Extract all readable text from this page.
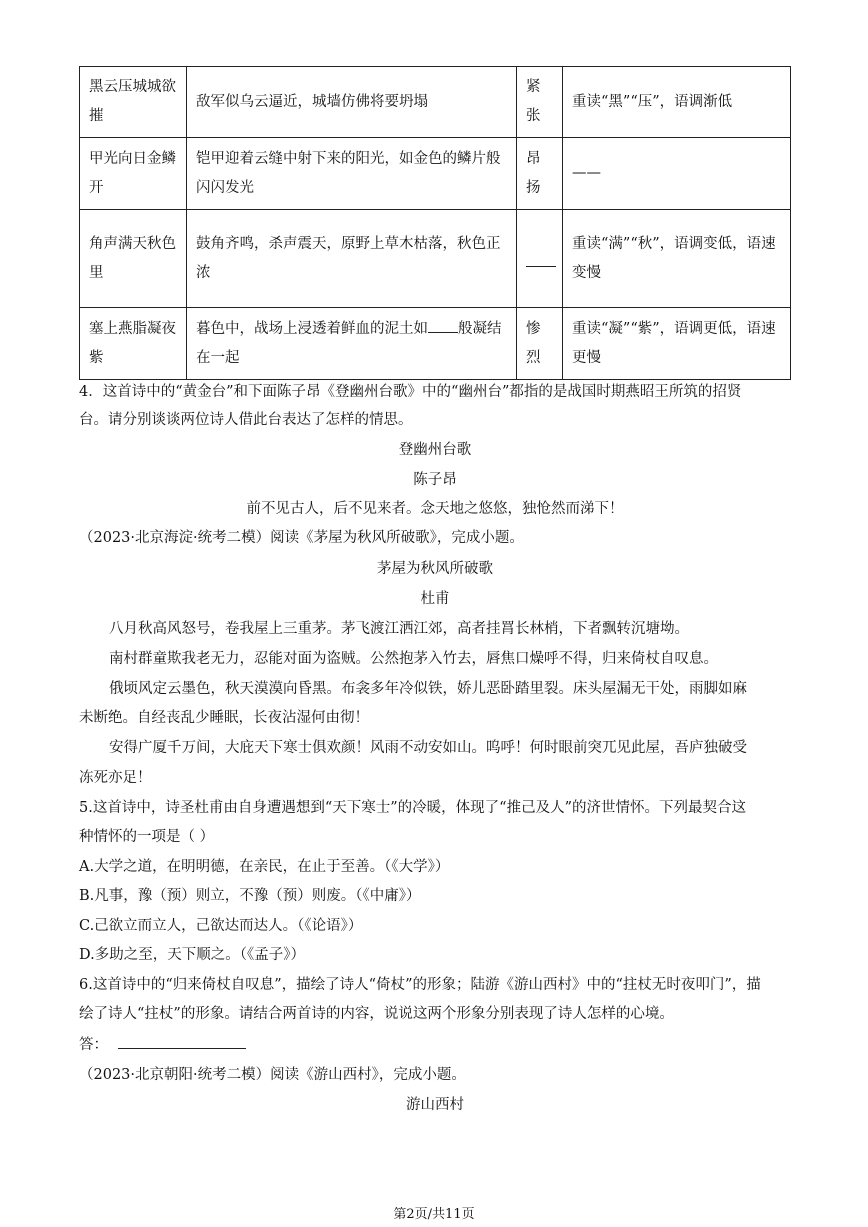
黑云压城城欲摧	敌军似乌云逼近，城墙仿佛将要坍塌	紧张	重读“黑”“压”，语调渐低
甲光向日金鳞开	铠甲迎着云缝中射下来的阳光，如金色的鳞片般闪闪发光	昂扬	——
角声满天秋色里	鼓角齐鸣，杀声震天，原野上草木枯落，秋色正浓		重读“满”“秋”，语调变低，语速变慢
塞上燕脂凝夜紫	暮色中，战场上浸透着鲜血的泥土如 般凝结在一起	惨烈	重读“凝”“紫”，语调更低，语速更慢
4．这首诗中的“黄金台”和下面陈子昂《登幽州台歌》中的“幽州台”都指的是战国时期燕昭王所筑的招贤
台。请分别谈谈两位诗人借此台表达了怎样的情思。
登幽州台歌
陈子昂
前不见古人，后不见来者。念天地之悠悠，独怆然而涕下！
（2023·北京海淀·统考二模）阅读《茅屋为秋风所破歌》，完成小题。
茅屋为秋风所破歌
杜甫
八月秋高风怒号，卷我屋上三重茅。茅飞渡江洒江郊，高者挂罥长林梢，下者飘转沉塘坳。
南村群童欺我老无力，忍能对面为盗贼。公然抱茅入竹去，唇焦口燥呼不得，归来倚杖自叹息。
俄顷风定云墨色，秋天漠漠向昏黑。布衾多年冷似铁，娇儿恶卧踏里裂。床头屋漏无干处，雨脚如麻
未断绝。自经丧乱少睡眠，长夜沾湿何由彻！
安得广厦千万间，大庇天下寒士俱欢颜！风雨不动安如山。呜呼！何时眼前突兀见此屋，吾庐独破受
冻死亦足！
5.这首诗中，诗圣杜甫由自身遭遇想到“天下寒士”的冷暖，体现了“推己及人”的济世情怀。下列最契合这
种情怀的一项是（ ）
A.大学之道，在明明德，在亲民，在止于至善。（《大学》）
B.凡事，豫（预）则立，不豫（预）则废。（《中庸》）
C.己欲立而立人，己欲达而达人。（《论语》）
D.多助之至，天下顺之。（《孟子》）
6.这首诗中的“归来倚杖自叹息”，描绘了诗人“倚杖”的形象；陆游《游山西村》中的“拄杖无时夜叩门”，描
绘了诗人“拄杖”的形象。请结合两首诗的内容，说说这两个形象分别表现了诗人怎样的心境。
答：
（2023·北京朝阳·统考二模）阅读《游山西村》，完成小题。
游山西村
第2页/共11页
